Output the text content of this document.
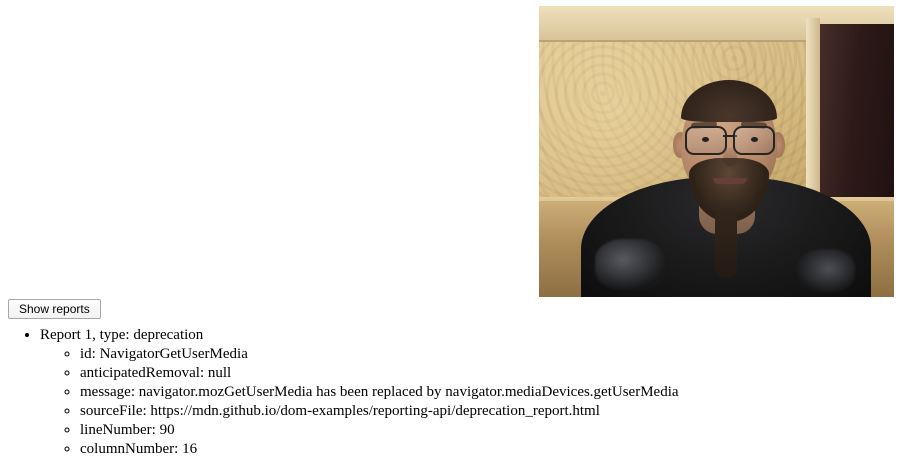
Show reports
• Report 1, type: deprecation
◦ id: NavigatorGetUserMedia
◦ anticipatedRemoval: null
◦ message: navigator.mozGetUserMedia has been replaced by navigator.mediaDevices.getUserMedia
◦ sourceFile: https://mdn.github.io/dom-examples/reporting-api/deprecation_report.html
◦ lineNumber: 90
◦ columnNumber: 16
